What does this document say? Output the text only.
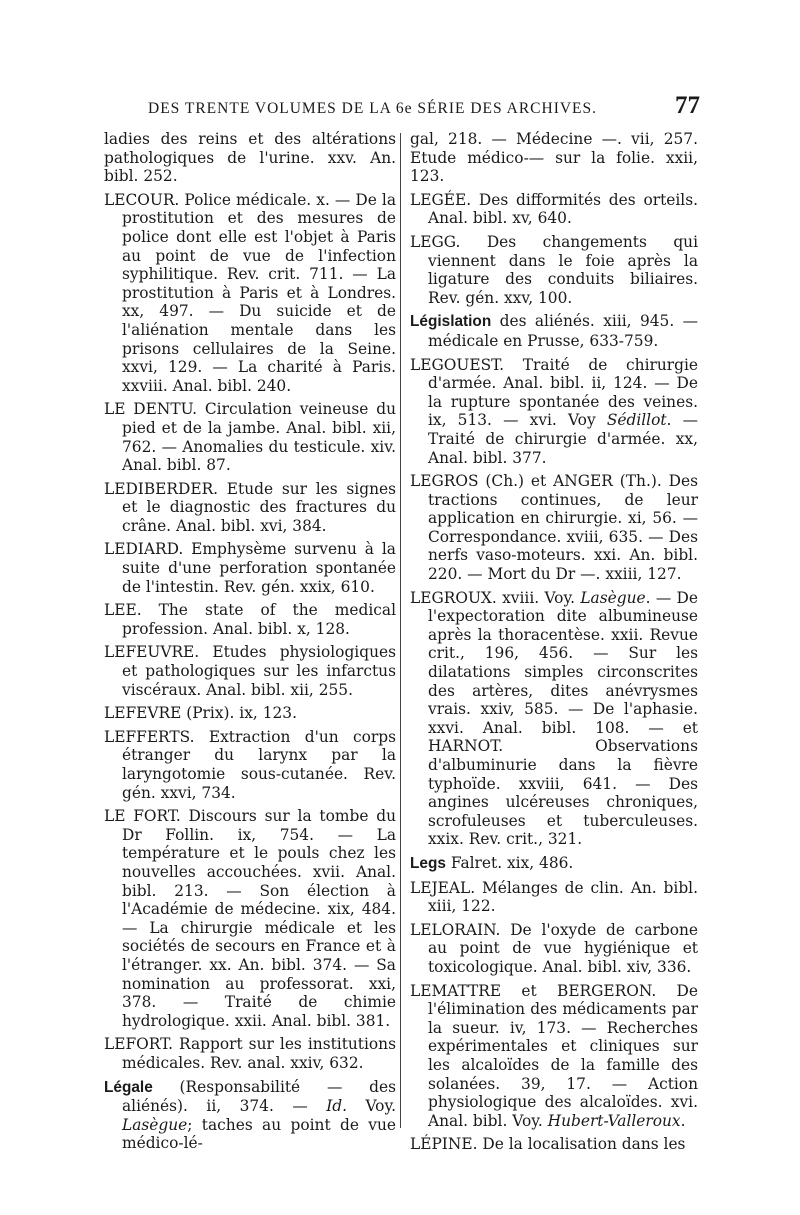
DES TRENTE VOLUMES DE LA 6e SÉRIE DES ARCHIVES.	77

ladies des reins et des altérations pathologiques de l'urine. xxv. An. bibl. 252.

LECOUR. Police médicale. x. — De la prostitution et des mesures de police dont elle est l'objet à Paris au point de vue de l'infection syphilitique. Rev. crit. 711. — La prostitution à Paris et à Londres. xx, 497. — Du suicide et de l'aliénation mentale dans les prisons cellulaires de la Seine. xxvi, 129. — La charité à Paris. xxviii. Anal. bibl. 240.

LE DENTU. Circulation veineuse du pied et de la jambe. Anal. bibl. xii, 762. — Anomalies du testicule. xiv. Anal. bibl. 87.

LEDIBERDER. Etude sur les signes et le diagnostic des fractures du crâne. Anal. bibl. xvi, 384.

LEDIARD. Emphysème survenu à la suite d'une perforation spontanée de l'intestin. Rev. gén. xxix, 610.

LEE. The state of the medical profession. Anal. bibl. x, 128.

LEFEUVRE. Etudes physiologiques et pathologiques sur les infarctus viscéraux. Anal. bibl. xii, 255.

LEFEVRE (Prix). ix, 123.

LEFFERTS. Extraction d'un corps étranger du larynx par la laryngotomie sous-cutanée. Rev. gén. xxvi, 734.

LE FORT. Discours sur la tombe du Dr Follin. ix, 754. — La température et le pouls chez les nouvelles accouchées. xvii. Anal. bibl. 213. — Son élection à l'Académie de médecine. xix, 484. — La chirurgie médicale et les sociétés de secours en France et à l'étranger. xx. An. bibl. 374. — Sa nomination au professorat. xxi, 378. — Traité de chimie hydrologique. xxii. Anal. bibl. 381.

LEFORT. Rapport sur les institutions médicales. Rev. anal. xxiv, 632.

Légale (Responsabilité — des aliénés). ii, 374. — Id. Voy. Lasègue; taches au point de vue médico-lé-

gal, 218. — Médecine —. vii, 257. Etude médico-— sur la folie. xxii, 123.

LEGÉE. Des difformités des orteils. Anal. bibl. xv, 640.

LEGG. Des changements qui viennent dans le foie après la ligature des conduits biliaires. Rev. gén. xxv, 100.

Législation des aliénés. xiii, 945. — médicale en Prusse, 633-759.

LEGOUEST. Traité de chirurgie d'armée. Anal. bibl. ii, 124. — De la rupture spontanée des veines. ix, 513. — xvi. Voy Sédillot. — Traité de chirurgie d'armée. xx, Anal. bibl. 377.

LEGROS (Ch.) et ANGER (Th.). Des tractions continues, de leur application en chirurgie. xi, 56. — Correspondance. xviii, 635. — Des nerfs vaso-moteurs. xxi. An. bibl. 220. — Mort du Dr —. xxiii, 127.

LEGROUX. xviii. Voy. Lasègue. — De l'expectoration dite albumineuse après la thoracentèse. xxii. Revue crit., 196, 456. — Sur les dilatations simples circonscrites des artères, dites anévrysmes vrais. xxiv, 585. — De l'aphasie. xxvi. Anal. bibl. 108. — et HARNOT. Observations d'albuminurie dans la fièvre typhoïde. xxviii, 641. — Des angines ulcéreuses chroniques, scrofuleuses et tuberculeuses. xxix. Rev. crit., 321.

Legs Falret. xix, 486.

LEJEAL. Mélanges de clin. An. bibl. xiii, 122.

LELORAIN. De l'oxyde de carbone au point de vue hygiénique et toxicologique. Anal. bibl. xiv, 336.

LEMATTRE et BERGERON. De l'élimination des médicaments par la sueur. iv, 173. — Recherches expérimentales et cliniques sur les alcaloïdes de la famille des solanées. 39, 17. — Action physiologique des alcaloïdes. xvi. Anal. bibl. Voy. Hubert-Valleroux.

LÉPINE. De la localisation dans les
